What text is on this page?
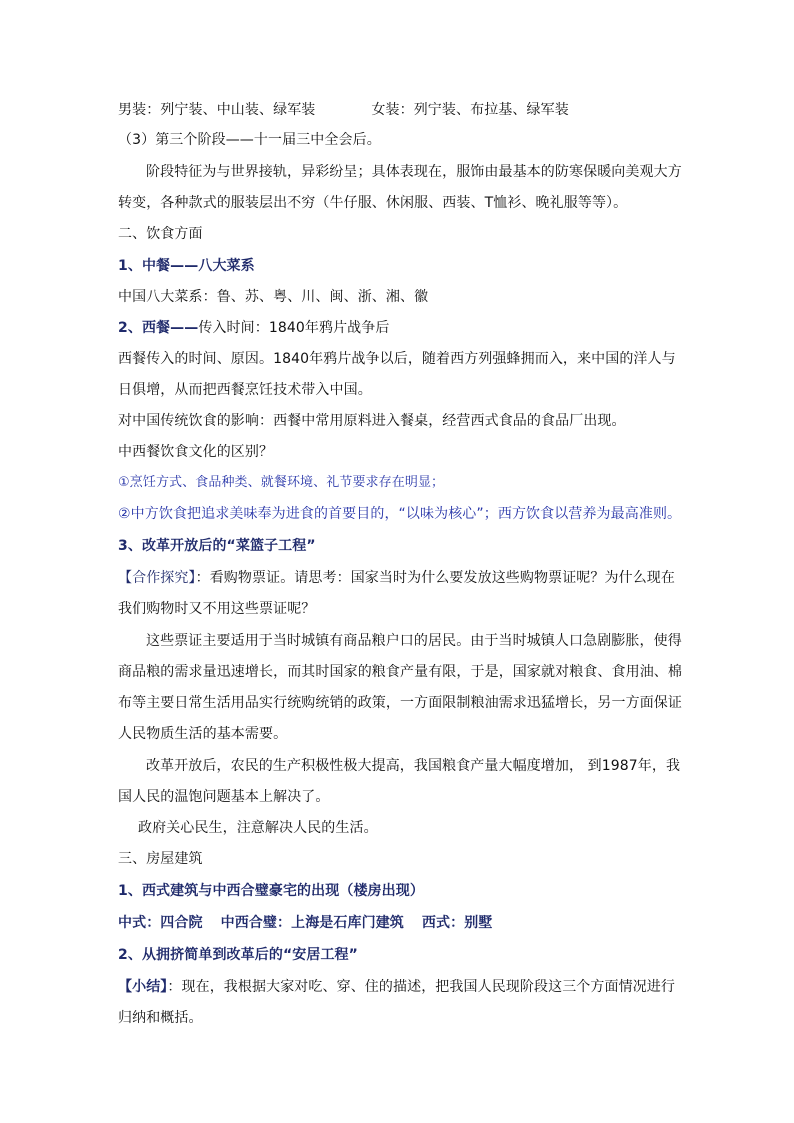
男装：列宁装、中山装、绿军装	女装：列宁装、布拉基、绿军装
（3）第三个阶段——十一届三中全会后。
阶段特征为与世界接轨，异彩纷呈；具体表现在，服饰由最基本的防寒保暖向美观大方
转变，各种款式的服装层出不穷（牛仔服、休闲服、西装、T恤衫、晚礼服等等）。
二、饮食方面
1、中餐——八大菜系
中国八大菜系：鲁、苏、粤、川、闽、浙、湘、徽
2、西餐——传入时间：1840年鸦片战争后
西餐传入的时间、原因。1840年鸦片战争以后，随着西方列强蜂拥而入，来中国的洋人与
日俱增，从而把西餐烹饪技术带入中国。
对中国传统饮食的影响：西餐中常用原料进入餐桌，经营西式食品的食品厂出现。
中西餐饮食文化的区别？
①烹饪方式、食品种类、就餐环境、礼节要求存在明显；
②中方饮食把追求美味奉为进食的首要目的，“以味为核心”；西方饮食以营养为最高准则。
3、改革开放后的“菜篮子工程”
【合作探究】：看购物票证。请思考：国家当时为什么要发放这些购物票证呢？为什么现在
我们购物时又不用这些票证呢？
这些票证主要适用于当时城镇有商品粮户口的居民。由于当时城镇人口急剧膨胀，使得
商品粮的需求量迅速增长，而其时国家的粮食产量有限，于是，国家就对粮食、食用油、棉
布等主要日常生活用品实行统购统销的政策，一方面限制粮油需求迅猛增长，另一方面保证
人民物质生活的基本需要。
改革开放后，农民的生产积极性极大提高，我国粮食产量大幅度增加， 到1987年，我
国人民的温饱问题基本上解决了。
政府关心民生，注意解决人民的生活。
三、房屋建筑
1、西式建筑与中西合璧豪宅的出现（楼房出现）
中式：四合院 中西合璧：上海是石库门建筑 西式：别墅
2、从拥挤简单到改革后的“安居工程”
【小结】：现在，我根据大家对吃、穿、住的描述，把我国人民现阶段这三个方面情况进行
归纳和概括。
